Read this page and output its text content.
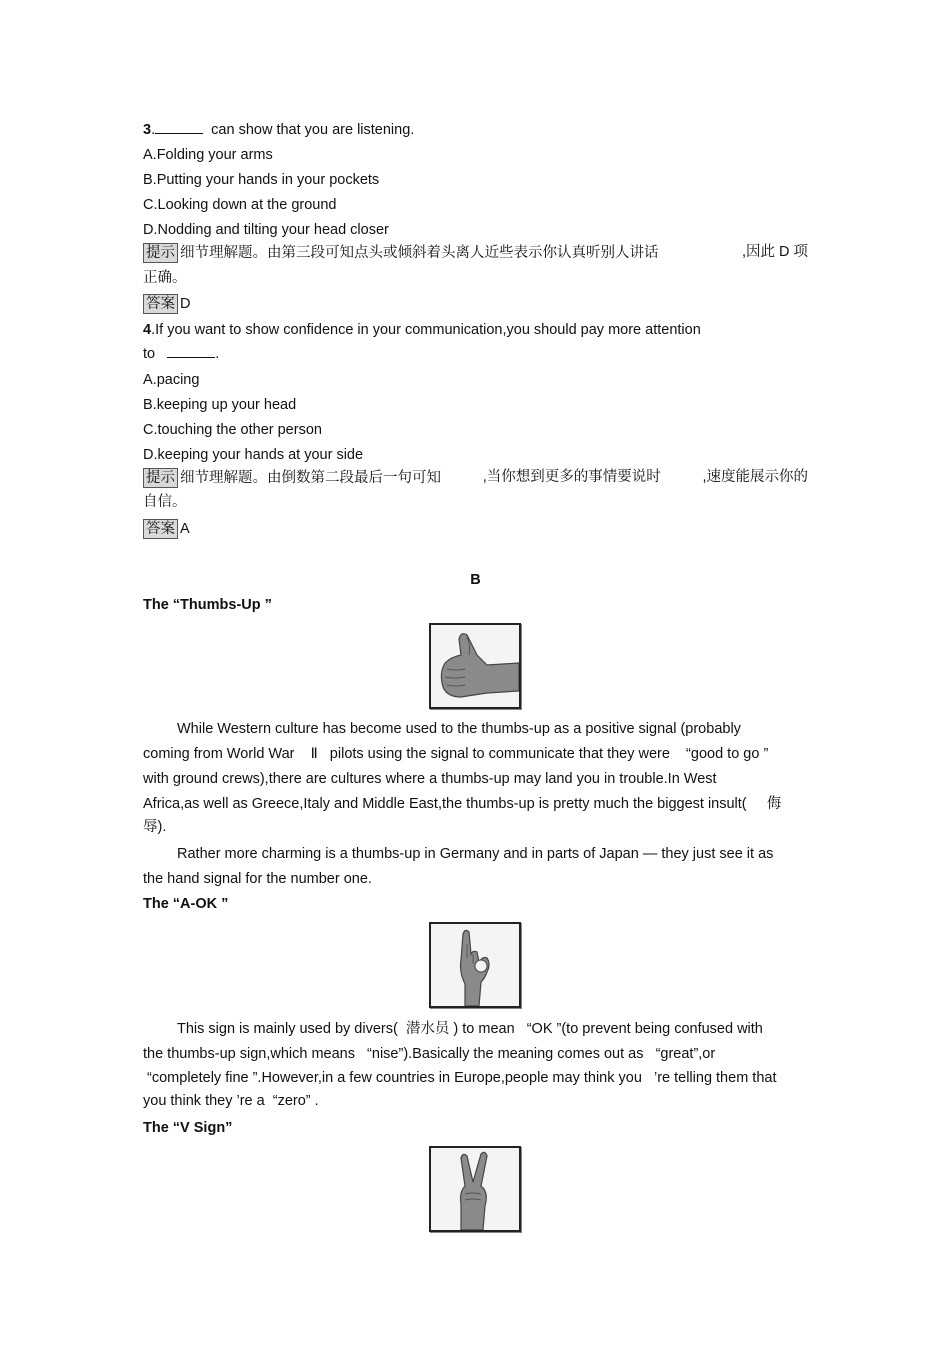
3.	can show that you are listening.
A.Folding your arms
B.Putting your hands in your pockets
C.Looking down at the ground
D.Nodding and tilting your head closer
提示 细节理解题。由第三段可知点头或倾斜着头离人近些表示你认真听别人讲话	,因此 D 项
正确。
答案 D
4.If you want to show confidence in your communication,you should pay more attention
to	.
A.pacing
B.keeping up your head
C.touching the other person
D.keeping your hands at your side
提示 细节理解题。由倒数第二段最后一句可知	,当你想到更多的事情要说时	,速度能展示你的
自信。
答案 A
B
The “Thumbs-Up ”
While Western culture has become used to the thumbs-up as a positive signal (probably
coming from World War    Ⅱ   pilots using the signal to communicate that they were    “good to go ”
with ground crews),there are cultures where a thumbs-up may land you in trouble.In West
Africa,as well as Greece,Italy and Middle East,the thumbs-up is pretty much the biggest insult(     侮
辱).
Rather more charming is a thumbs-up in Germany and in parts of Japan — they just see it as
the hand signal for the number one.
The “A-OK ”
This sign is mainly used by divers(  潜水员 ) to mean   “OK ”(to prevent being confused with
the thumbs-up sign,which means   “nise”).Basically the meaning comes out as   “great”,or
“completely fine ”.However,in a few countries in Europe,people may think you   ’re telling them that
you think they ’re a  “zero” .
The “V Sign”
